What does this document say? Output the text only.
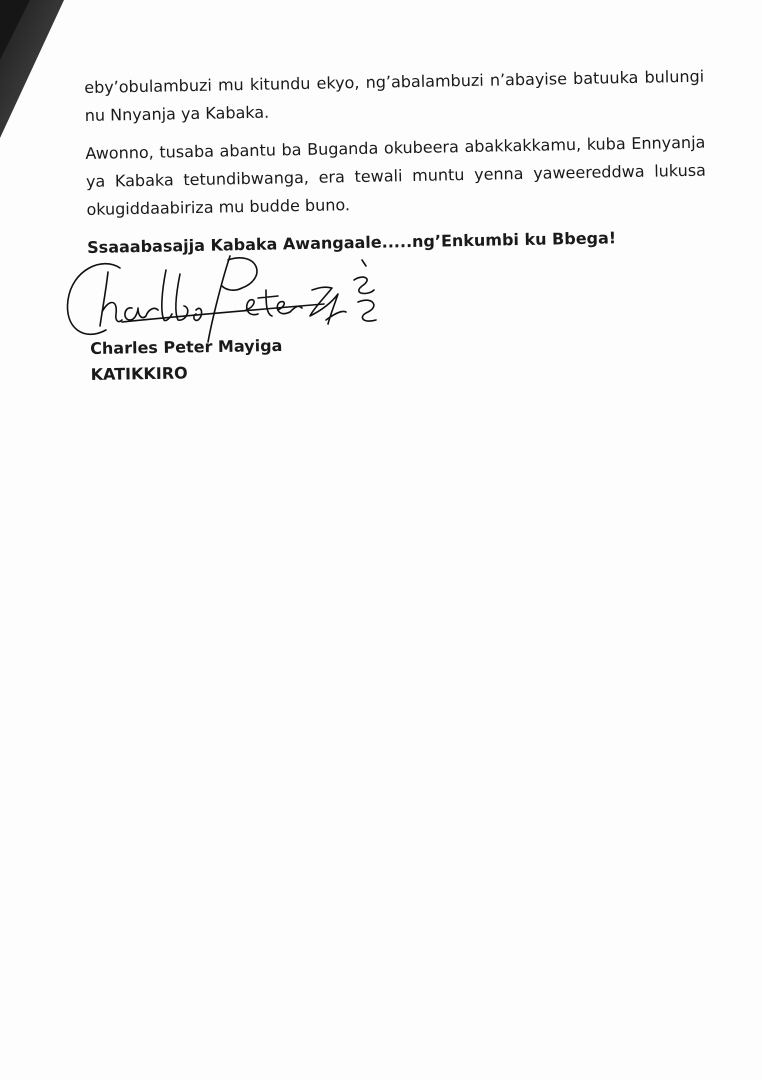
eby’obulambuzi mu kitundu ekyo, ng’abalambuzi n’abayise batuuka bulungi nu Nnyanja ya Kabaka.

Awonno, tusaba abantu ba Buganda okubeera abakkakkamu, kuba Ennyanja ya Kabaka tetundibwanga, era tewali muntu yenna yaweereddwa lukusa okugiddaabiriza mu budde buno.

Ssaaabasajja Kabaka Awangaale.....ng’Enkumbi ku Bbega!

Charles Peter Mayiga
KATIKKIRO
